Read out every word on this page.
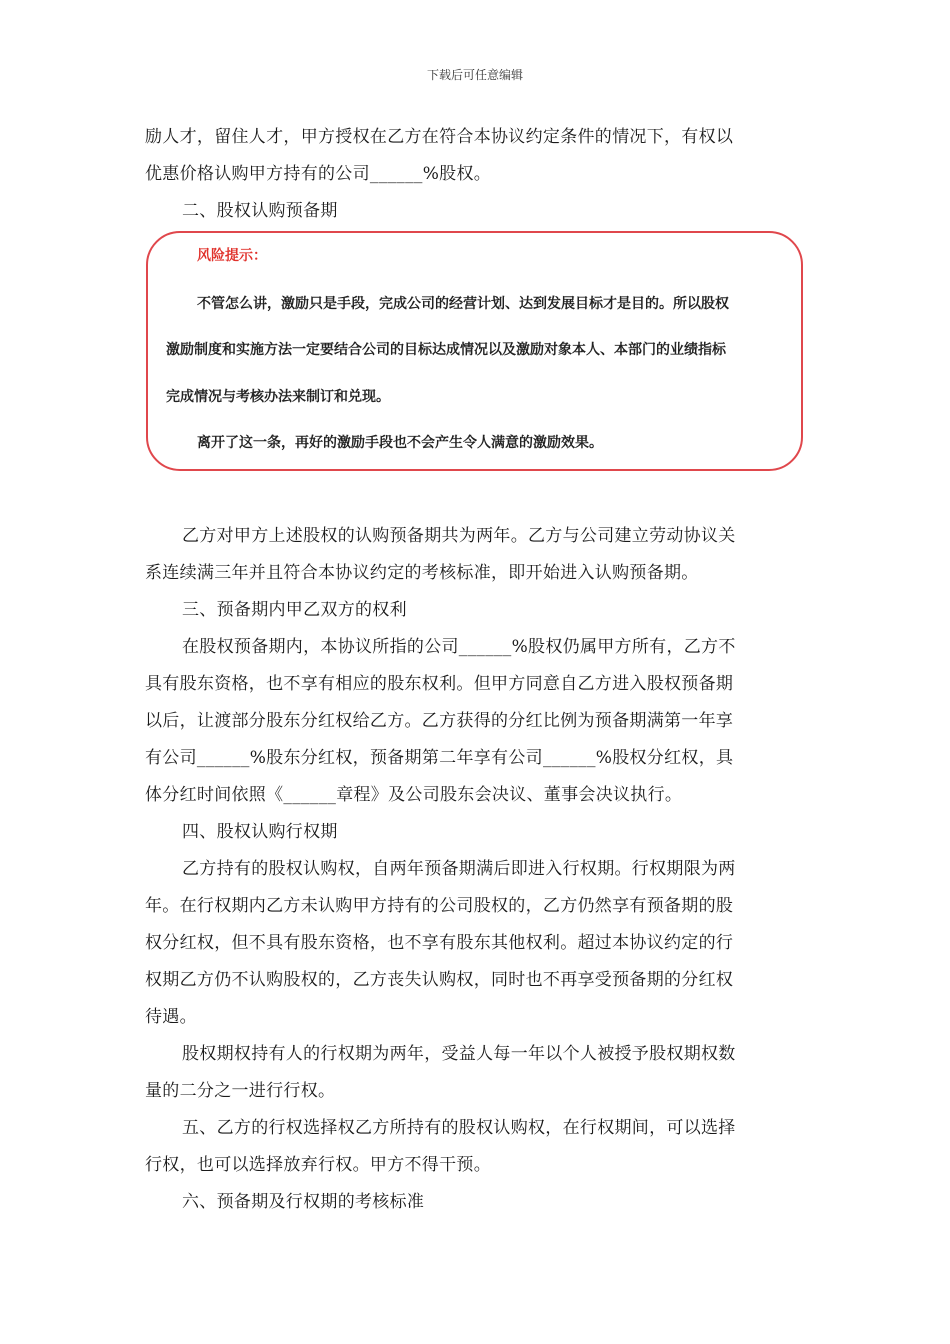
下载后可任意编辑

励人才，留住人才，甲方授权在乙方在符合本协议约定条件的情况下，有权以

优惠价格认购甲方持有的公司______%股权。

二、股权认购预备期

风险提示：
不管怎么讲，激励只是手段，完成公司的经营计划、达到发展目标才是目的。所以股权
激励制度和实施方法一定要结合公司的目标达成情况以及激励对象本人、本部门的业绩指标
完成情况与考核办法来制订和兑现。
离开了这一条，再好的激励手段也不会产生令人满意的激励效果。

乙方对甲方上述股权的认购预备期共为两年。乙方与公司建立劳动协议关

系连续满三年并且符合本协议约定的考核标准，即开始进入认购预备期。

三、预备期内甲乙双方的权利

在股权预备期内，本协议所指的公司______%股权仍属甲方所有，乙方不

具有股东资格，也不享有相应的股东权利。但甲方同意自乙方进入股权预备期

以后，让渡部分股东分红权给乙方。乙方获得的分红比例为预备期满第一年享

有公司______%股东分红权，预备期第二年享有公司______%股权分红权，具

体分红时间依照《______章程》及公司股东会决议、董事会决议执行。

四、股权认购行权期

乙方持有的股权认购权，自两年预备期满后即进入行权期。行权期限为两

年。在行权期内乙方未认购甲方持有的公司股权的，乙方仍然享有预备期的股

权分红权，但不具有股东资格，也不享有股东其他权利。超过本协议约定的行

权期乙方仍不认购股权的，乙方丧失认购权，同时也不再享受预备期的分红权

待遇。

股权期权持有人的行权期为两年，受益人每一年以个人被授予股权期权数

量的二分之一进行行权。

五、乙方的行权选择权乙方所持有的股权认购权，在行权期间，可以选择

行权，也可以选择放弃行权。甲方不得干预。

六、预备期及行权期的考核标准
